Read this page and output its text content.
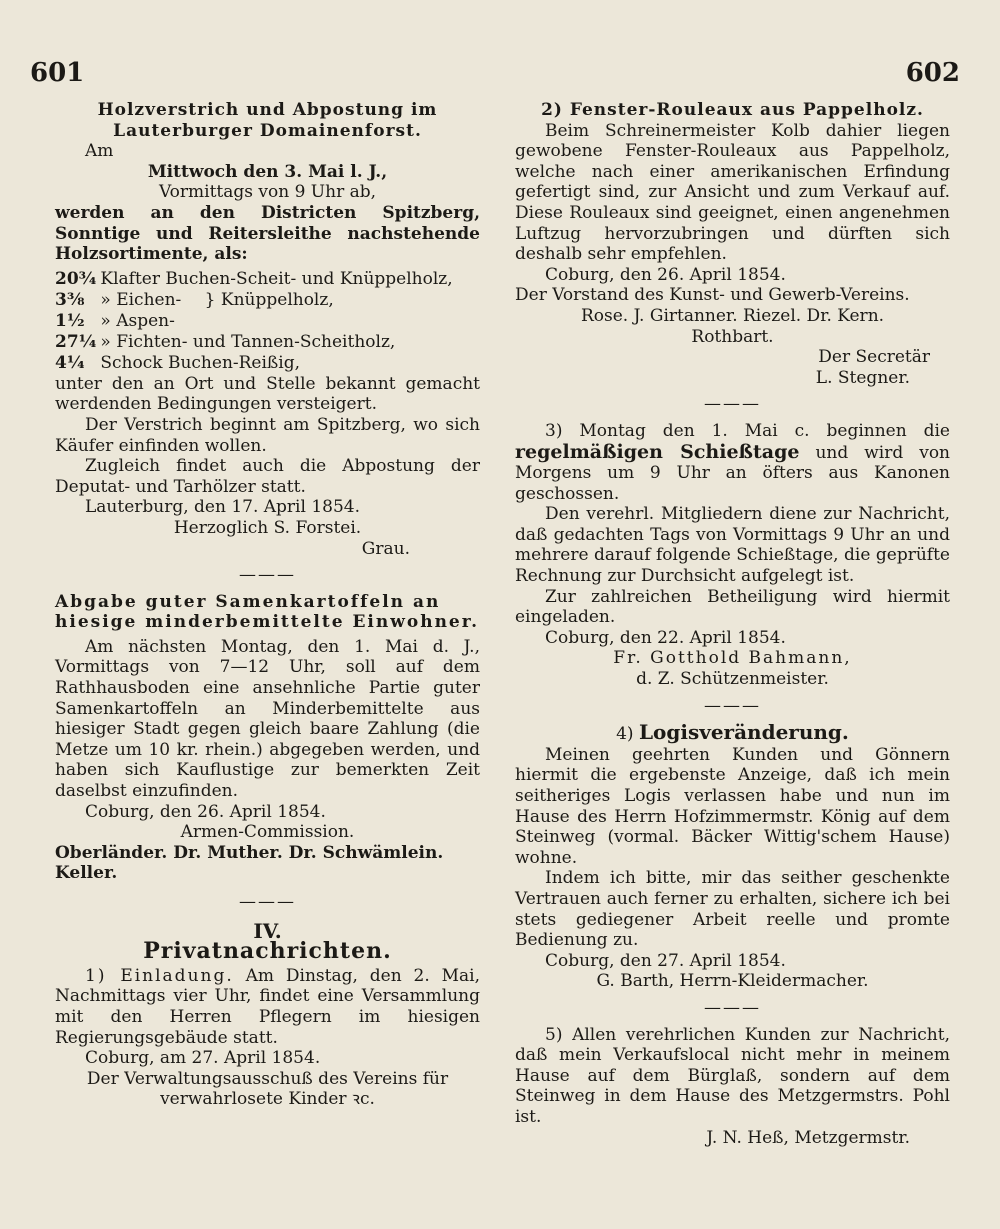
601	602

Holzverstrich und Abpostung im Lauterburger Domainenforst.

Am

Mittwoch den 3. Mai l. J.,

Vormittags von 9 Uhr ab,

werden an den Districten Spitzberg, Sonntige und Reitersleithe nachstehende Holzsortimente, als:

20¾	Klafter Buchen-Scheit- und Knüppelholz,
3⅜	» Eichen- } Knüppelholz,
1½	» Aspen-
27¼	» Fichten- und Tannen-Scheitholz,
4¼	Schock Buchen-Reißig,

unter den an Ort und Stelle bekannt gemacht werdenden Bedingungen versteigert.

Der Verstrich beginnt am Spitzberg, wo sich Käufer einfinden wollen.

Zugleich findet auch die Abpostung der Deputat- und Tarhölzer statt.

Lauterburg, den 17. April 1854.

Herzoglich S. Forstei.

Grau.

———

Abgabe guter Samenkartoffeln an hiesige minderbemittelte Einwohner.

Am nächsten Montag, den 1. Mai d. J., Vormittags von 7—12 Uhr, soll auf dem Rathhausboden eine ansehnliche Partie guter Samenkartoffeln an Minderbemittelte aus hiesiger Stadt gegen gleich baare Zahlung (die Metze um 10 kr. rhein.) abgegeben werden, und haben sich Kauflustige zur bemerkten Zeit daselbst einzufinden.

Coburg, den 26. April 1854.

Armen-Commission.

Oberländer. Dr. Muther. Dr. Schwämlein. Keller.

———

IV.

Privatnachrichten.

1) Einladung. Am Dinstag, den 2. Mai, Nachmittags vier Uhr, findet eine Versammlung mit den Herren Pflegern im hiesigen Regierungsgebäude statt.

Coburg, am 27. April 1854.

Der Verwaltungsausschuß des Vereins für verwahrlosete Kinder ꝛc.

2) Fenster-Rouleaux aus Pappelholz.

Beim Schreinermeister Kolb dahier liegen gewobene Fenster-Rouleaux aus Pappelholz, welche nach einer amerikanischen Erfindung gefertigt sind, zur Ansicht und zum Verkauf auf. Diese Rouleaux sind geeignet, einen angenehmen Luftzug hervorzubringen und dürften sich deshalb sehr empfehlen.

Coburg, den 26. April 1854.

Der Vorstand des Kunst- und Gewerb-Vereins.

Rose. J. Girtanner. Riezel. Dr. Kern.

Rothbart.

Der Secretär

L. Stegner.

———

3) Montag den 1. Mai c. beginnen die regelmäßigen Schießtage und wird von Morgens um 9 Uhr an öfters aus Kanonen geschossen.

Den verehrl. Mitgliedern diene zur Nachricht, daß gedachten Tags von Vormittags 9 Uhr an und mehrere darauf folgende Schießtage, die geprüfte Rechnung zur Durchsicht aufgelegt ist.

Zur zahlreichen Betheiligung wird hiermit eingeladen.

Coburg, den 22. April 1854.

Fr. Gotthold Bahmann,

d. Z. Schützenmeister.

———

4) Logisveränderung.

Meinen geehrten Kunden und Gönnern hiermit die ergebenste Anzeige, daß ich mein seitheriges Logis verlassen habe und nun im Hause des Herrn Hofzimmermstr. König auf dem Steinweg (vormal. Bäcker Wittig'schem Hause) wohne.

Indem ich bitte, mir das seither geschenkte Vertrauen auch ferner zu erhalten, sichere ich bei stets gediegener Arbeit reelle und promte Bedienung zu.

Coburg, den 27. April 1854.

G. Barth, Herrn-Kleidermacher.

———

5) Allen verehrlichen Kunden zur Nachricht, daß mein Verkaufslocal nicht mehr in meinem Hause auf dem Bürglaß, sondern auf dem Steinweg in dem Hause des Metzgermstrs. Pohl ist.

J. N. Heß, Metzgermstr.
